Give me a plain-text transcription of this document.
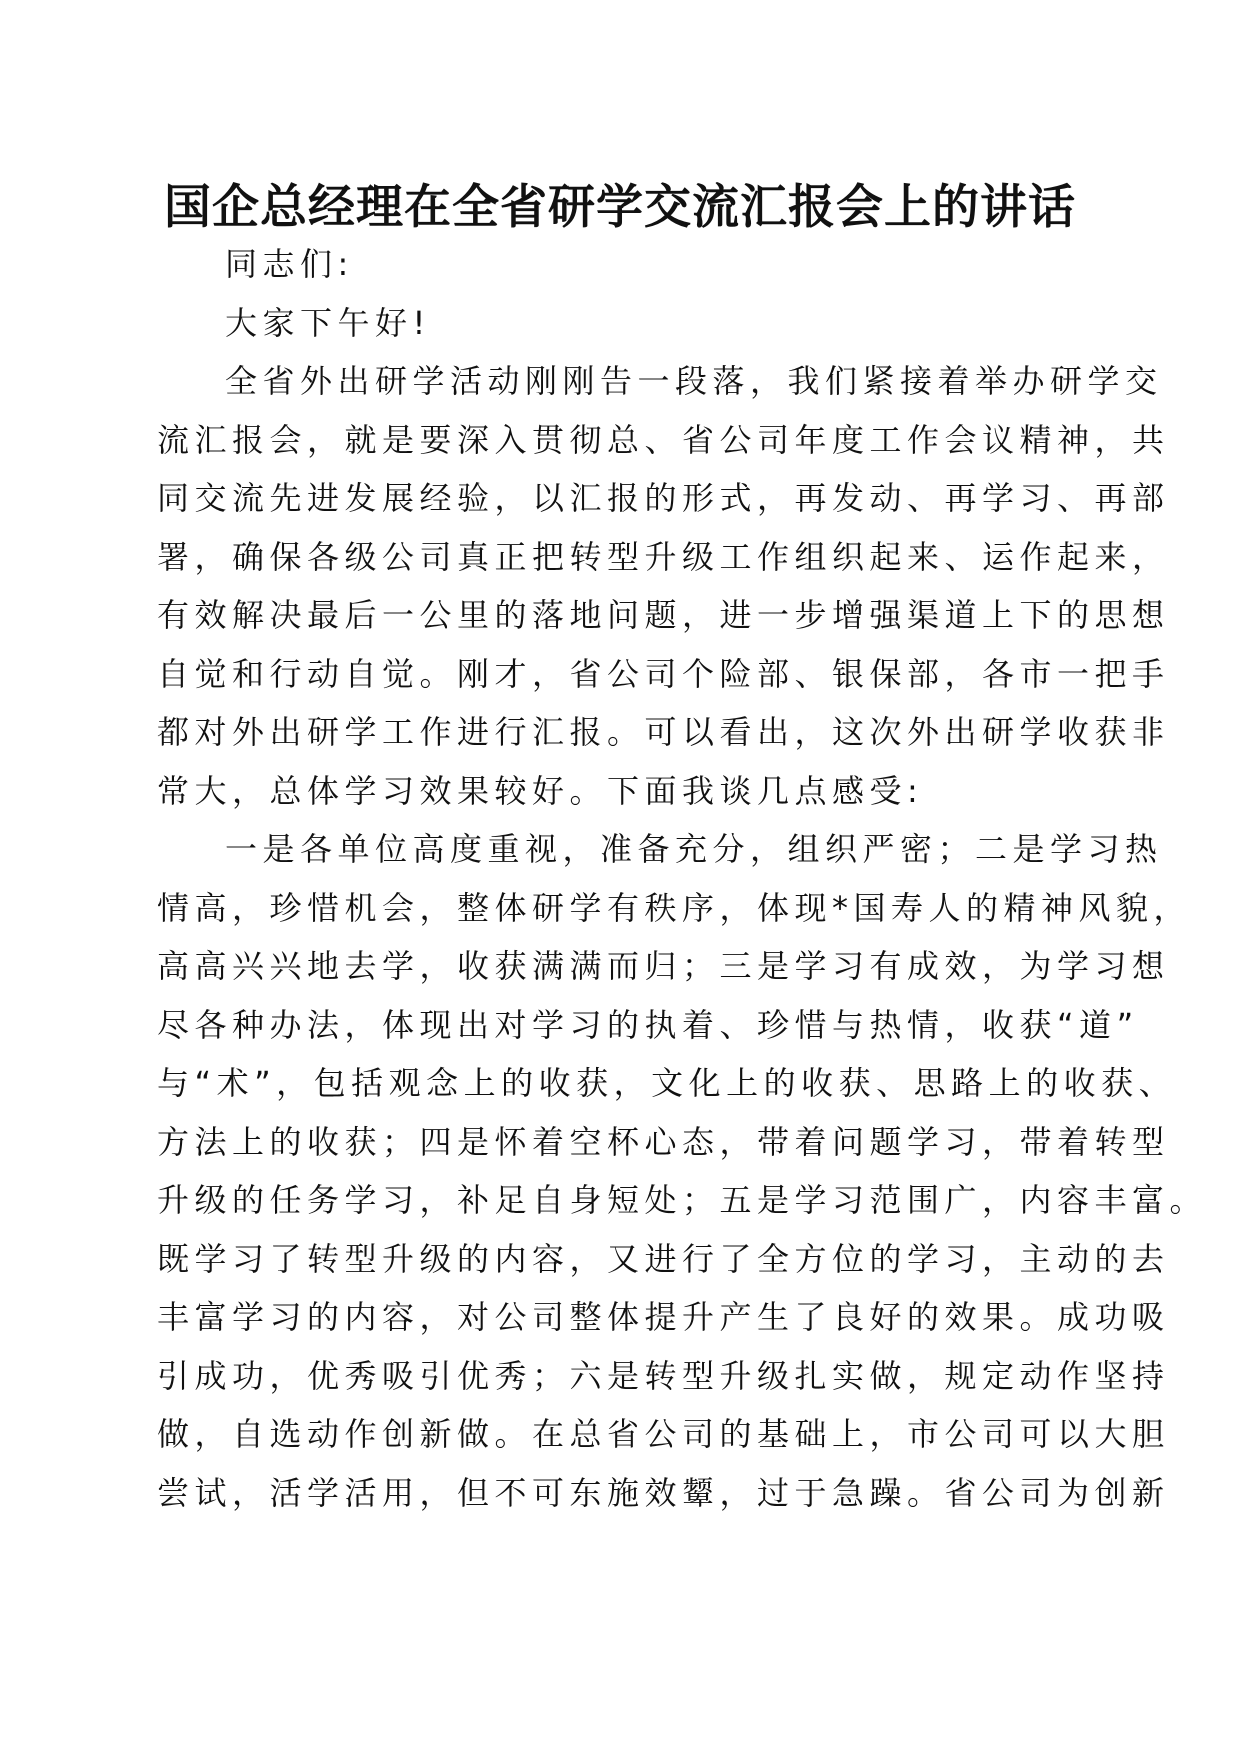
国企总经理在全省研学交流汇报会上的讲话
同志们:
大家下午好!
全省外出研学活动刚刚告一段落，我们紧接着举办研学交
流汇报会，就是要深入贯彻总、省公司年度工作会议精神，共
同交流先进发展经验，以汇报的形式，再发动、再学习、再部
署，确保各级公司真正把转型升级工作组织起来、运作起来，
有效解决最后一公里的落地问题，进一步增强渠道上下的思想
自觉和行动自觉。刚才，省公司个险部、银保部，各市一把手
都对外出研学工作进行汇报。可以看出，这次外出研学收获非
常大，总体学习效果较好。下面我谈几点感受:
一是各单位高度重视，准备充分，组织严密；二是学习热
情高，珍惜机会，整体研学有秩序，体现*国寿人的精神风貌，
高高兴兴地去学，收获满满而归；三是学习有成效，为学习想
尽各种办法，体现出对学习的执着、珍惜与热情，收获“道”
与“术”，包括观念上的收获，文化上的收获、思路上的收获、
方法上的收获；四是怀着空杯心态，带着问题学习，带着转型
升级的任务学习，补足自身短处；五是学习范围广，内容丰富。
既学习了转型升级的内容，又进行了全方位的学习，主动的去
丰富学习的内容，对公司整体提升产生了良好的效果。成功吸
引成功，优秀吸引优秀；六是转型升级扎实做，规定动作坚持
做，自选动作创新做。在总省公司的基础上，市公司可以大胆
尝试，活学活用，但不可东施效颦，过于急躁。省公司为创新
